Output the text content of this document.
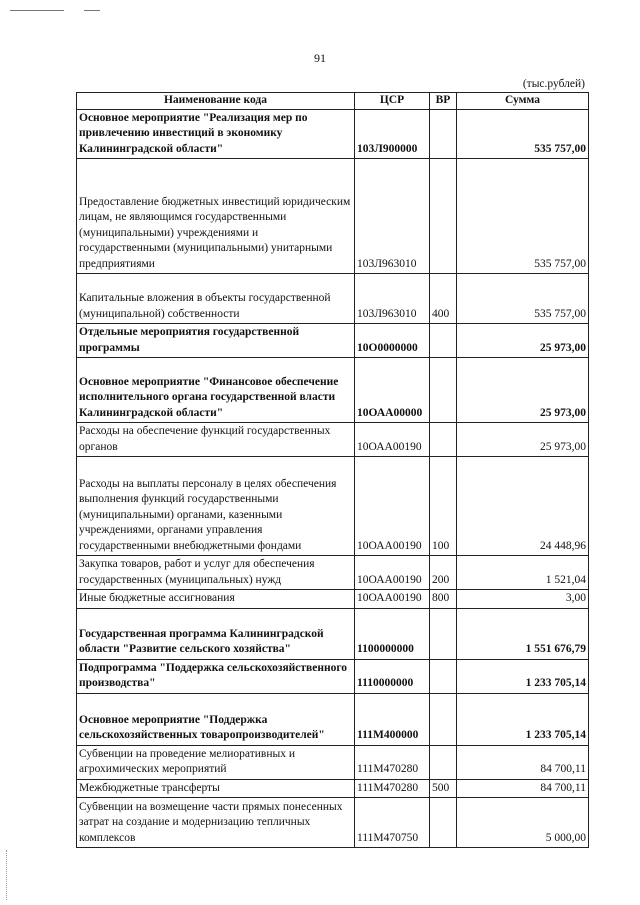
91
(тыс.рублей)
Наименование кода	ЦСР	ВР	Сумма
Основное мероприятие "Реализация мер по привлечению инвестиций в экономику Калининградской области"	103Л900000		535 757,00
Предоставление бюджетных инвестиций юридическим лицам, не являющимся государственными (муниципальными) учреждениями и государственными (муниципальными) унитарными предприятиями	103Л963010		535 757,00
Капитальные вложения в объекты государственной (муниципальной) собственности	103Л963010	400	535 757,00
Отдельные мероприятия государственной программы	10О0000000		25 973,00
Основное мероприятие "Финансовое обеспечение исполнительного органа государственной власти Калининградской области"	10ОАА00000		25 973,00
Расходы на обеспечение функций государственных органов	10ОАА00190		25 973,00
Расходы на выплаты персоналу в целях обеспечения выполнения функций государственными (муниципальными) органами, казенными учреждениями, органами управления государственными внебюджетными фондами	10ОАА00190	100	24 448,96
Закупка товаров, работ и услуг для обеспечения государственных (муниципальных) нужд	10ОАА00190	200	1 521,04
Иные бюджетные ассигнования	10ОАА00190	800	3,00
Государственная программа Калининградской области "Развитие сельского хозяйства"	1100000000		1 551 676,79
Подпрограмма "Поддержка сельскохозяйственного производства"	1110000000		1 233 705,14
Основное мероприятие "Поддержка сельскохозяйственных товаропроизводителей"	111М400000		1 233 705,14
Субвенции на проведение мелиоративных и агрохимических мероприятий	111М470280		84 700,11
Межбюджетные трансферты	111М470280	500	84 700,11
Субвенции на возмещение части прямых понесенных затрат на создание и модернизацию тепличных комплексов	111М470750		5 000,00
